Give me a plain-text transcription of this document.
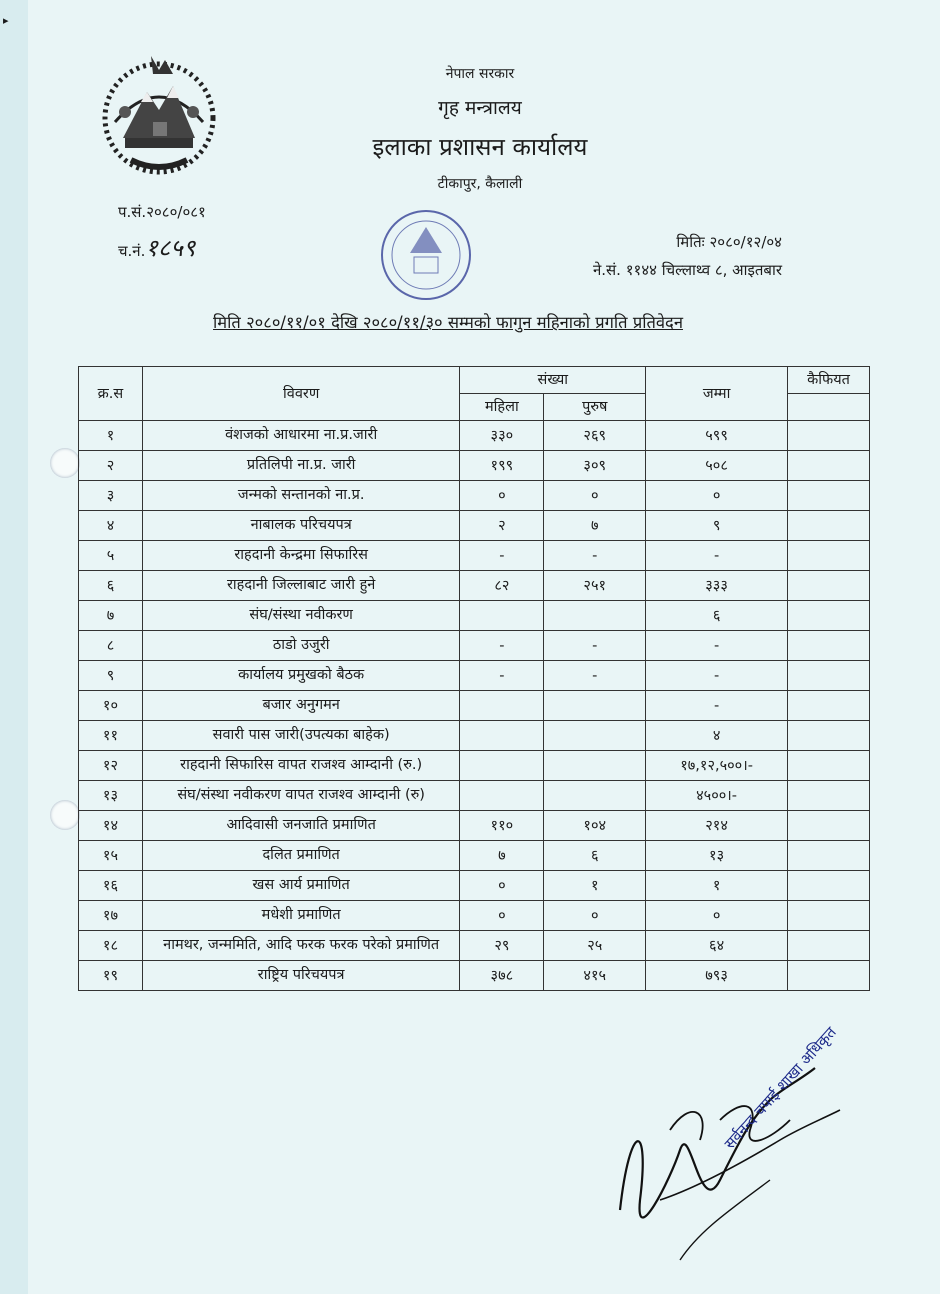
▸
नेपाल सरकार
गृह मन्त्रालय
इलाका प्रशासन कार्यालय
टीकापुर, कैलाली
प.सं.२०८०/०८१
च.नं.१८५९	मितिः २०८०/१२/०४
ने.सं. ११४४ चिल्लाथ्व ८, आइतबार
मिति २०८०/११/०१ देखि २०८०/११/३० सम्मको फागुन महिनाको प्रगति प्रतिवेदन
क्र.स	विवरण	संख्या		जम्मा	कैफियत
		महिला	पुरुष		
१	वंशजको आधारमा ना.प्र.जारी	३३०	२६९	५९९	
२	प्रतिलिपी ना.प्र. जारी	१९९	३०९	५०८	
३	जन्मको सन्तानको ना.प्र.	०	०	०	
४	नाबालक परिचयपत्र	२	७	९	
५	राहदानी केन्द्रमा सिफारिस	-	-	-	
६	राहदानी जिल्लाबाट जारी हुने	८२	२५१	३३३	
७	संघ/संस्था नवीकरण			६	
८	ठाडो उजुरी	-	-	-	
९	कार्यालय प्रमुखको बैठक	-	-	-	
१०	बजार अनुगमन			-	
११	सवारी पास जारी(उपत्यका बाहेक)			४	
१२	राहदानी सिफारिस वापत राजश्व आम्दानी (रु.)			१७,१२,५००।-	
१३	संघ/संस्था नवीकरण वापत राजश्व आम्दानी (रु)			४५००।-	
१४	आदिवासी जनजाति प्रमाणित	११०	१०४	२१४	
१५	दलित प्रमाणित	७	६	१३	
१६	खस आर्य प्रमाणित	०	१	१	
१७	मधेशी प्रमाणित	०	०	०	
१८	नामथर, जन्ममिति, आदि फरक फरक परेको प्रमाणित	२९	२५	६४	
१९	राष्ट्रिय परिचयपत्र	३७८	४१५	७९३	
सर्वनन्द चपाई शाखा अधिकृत
